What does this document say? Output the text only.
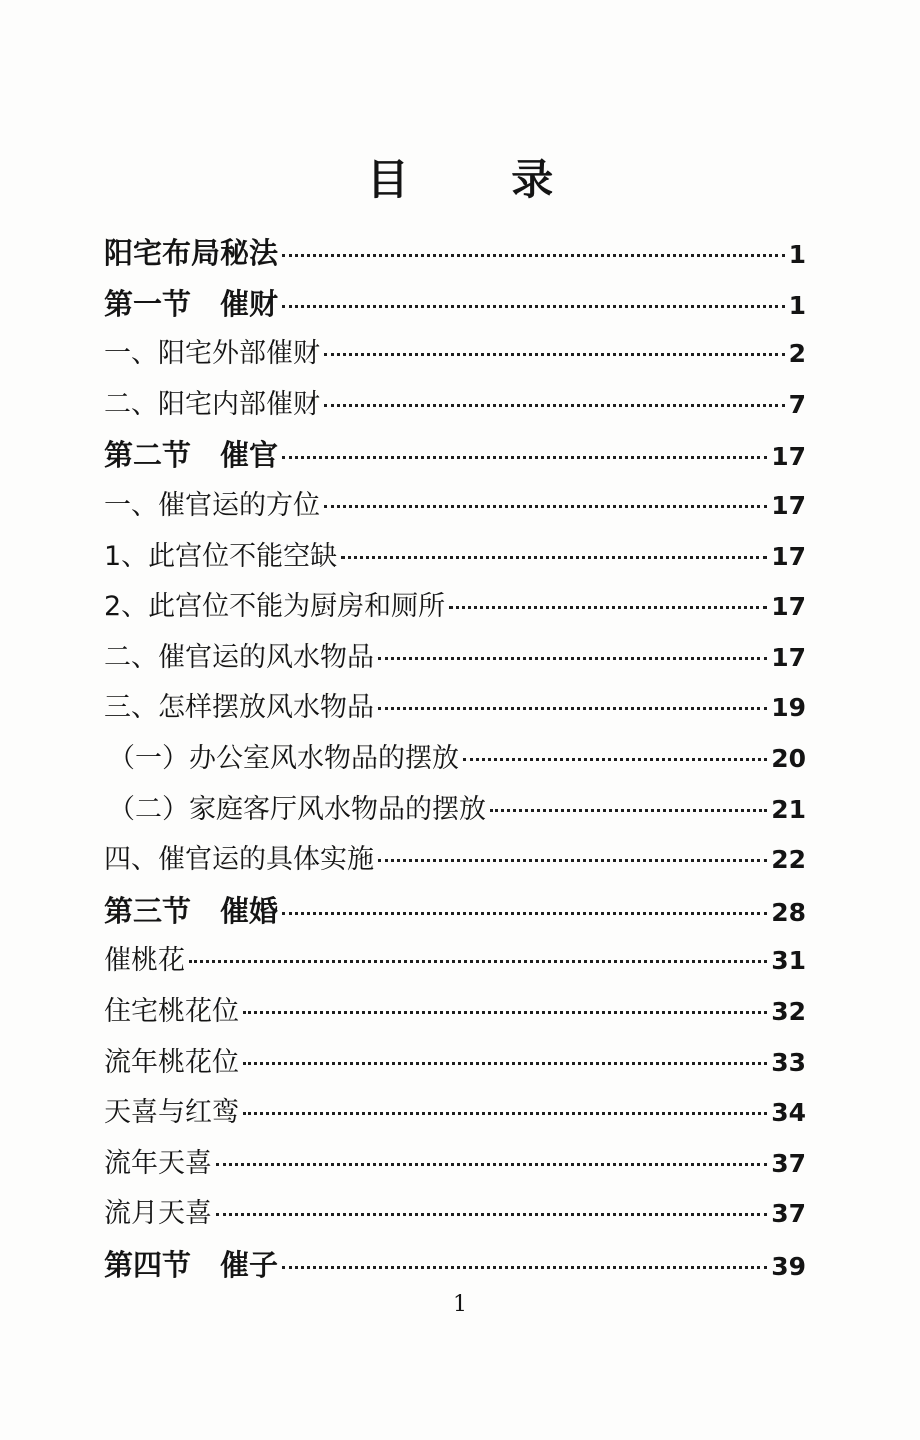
目 录
阳宅布局秘法	1
第一节　催财	1
一、阳宅外部催财	2
二、阳宅内部催财	7
第二节　催官	17
一、催官运的方位	17
1、此宫位不能空缺	17
2、此宫位不能为厨房和厕所	17
二、催官运的风水物品	17
三、怎样摆放风水物品	19
（一）办公室风水物品的摆放	20
（二）家庭客厅风水物品的摆放	21
四、催官运的具体实施	22
第三节　催婚	28
催桃花	31
住宅桃花位	32
流年桃花位	33
天喜与红鸾	34
流年天喜	37
流月天喜	37
第四节　催子	39
1
